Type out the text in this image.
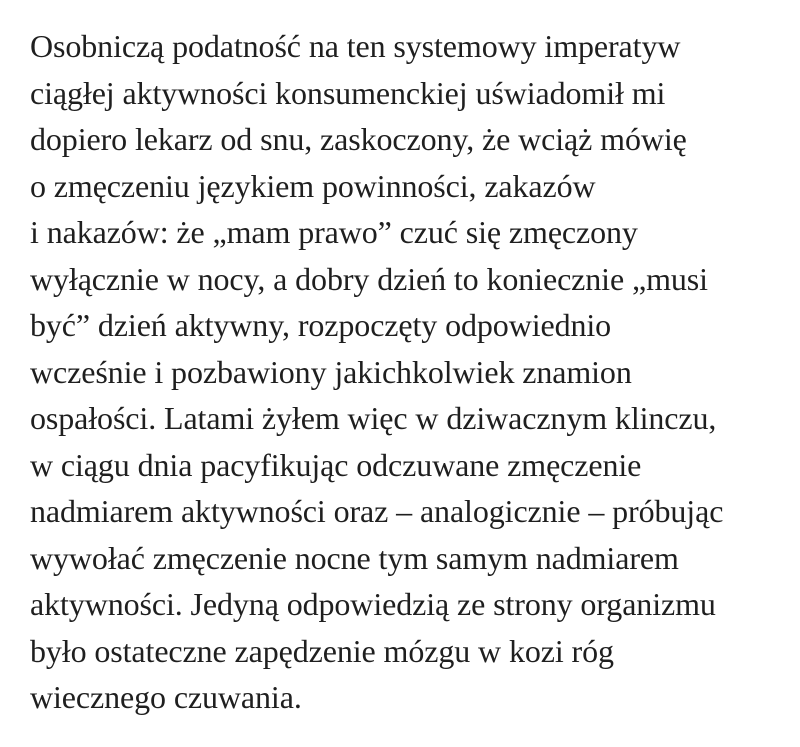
Osobniczą podatność na ten systemowy imperatyw
ciągłej aktywności konsumenckiej uświadomił mi
dopiero lekarz od snu, zaskoczony, że wciąż mówię
o zmęczeniu językiem powinności, zakazów
i nakazów: że „mam prawo” czuć się zmęczony
wyłącznie w nocy, a dobry dzień to koniecznie „musi
być” dzień aktywny, rozpoczęty odpowiednio
wcześnie i pozbawiony jakichkolwiek znamion
ospałości. Latami żyłem więc w dziwacznym klinczu,
w ciągu dnia pacyfikując odczuwane zmęczenie
nadmiarem aktywności oraz – analogicznie – próbując
wywołać zmęczenie nocne tym samym nadmiarem
aktywności. Jedyną odpowiedzią ze strony organizmu
było ostateczne zapędzenie mózgu w kozi róg
wiecznego czuwania.
